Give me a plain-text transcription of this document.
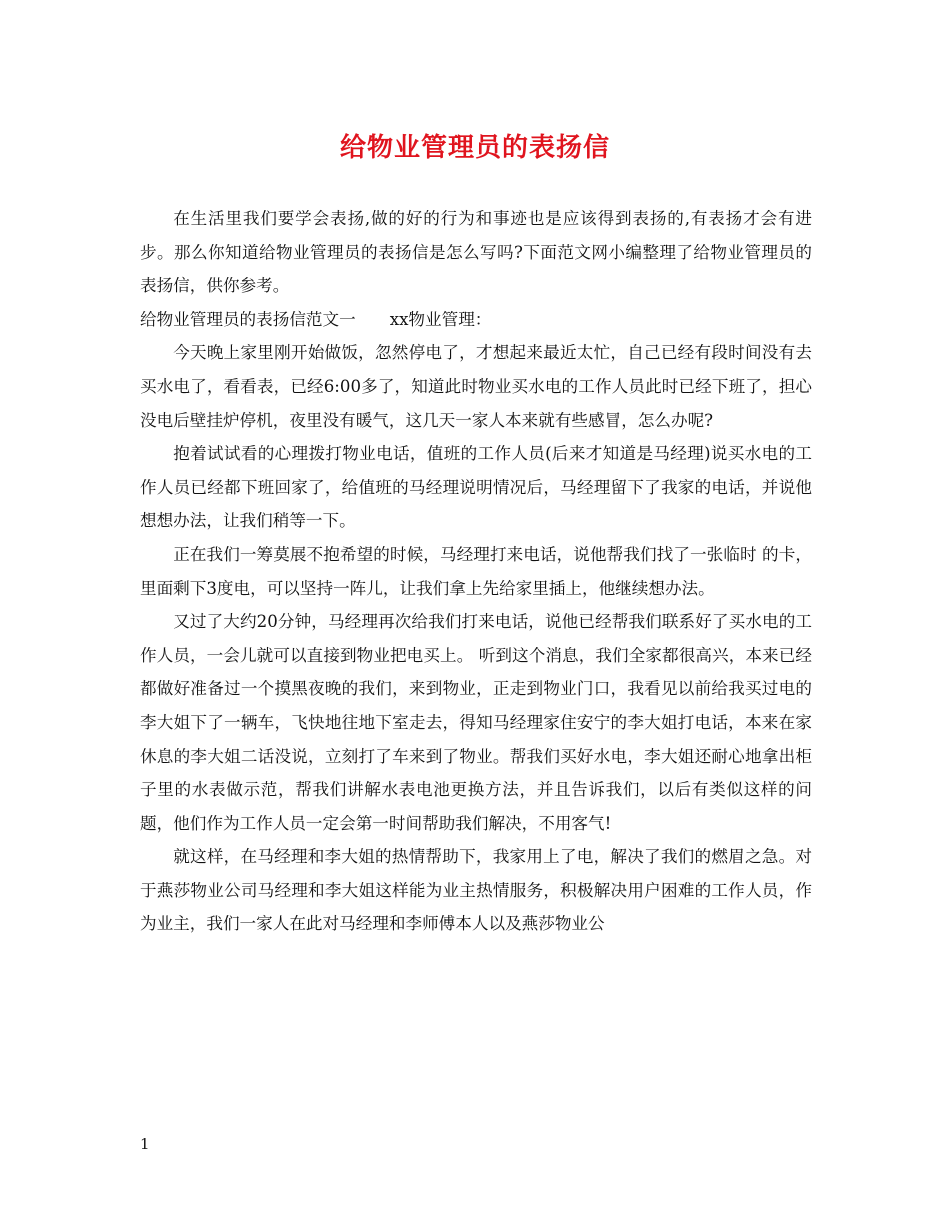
给物业管理员的表扬信

在生活里我们要学会表扬,做的好的行为和事迹也是应该得到表扬的,有表扬才会有进步。那么你知道给物业管理员的表扬信是怎么写吗?下面范文网小编整理了给物业管理员的表扬信，供你参考。

给物业管理员的表扬信范文一 xx物业管理：

今天晚上家里刚开始做饭，忽然停电了，才想起来最近太忙，自己已经有段时间没有去买水电了，看看表，已经6:00多了，知道此时物业买水电的工作人员此时已经下班了，担心没电后壁挂炉停机，夜里没有暖气，这几天一家人本来就有些感冒，怎么办呢?

抱着试试看的心理拨打物业电话，值班的工作人员(后来才知道是马经理)说买水电的工作人员已经都下班回家了，给值班的马经理说明情况后，马经理留下了我家的电话，并说他想想办法，让我们稍等一下。

正在我们一筹莫展不抱希望的时候，马经理打来电话，说他帮我们找了一张临时 的卡，里面剩下3度电，可以坚持一阵儿，让我们拿上先给家里插上，他继续想办法。

又过了大约20分钟，马经理再次给我们打来电话，说他已经帮我们联系好了买水电的工作人员，一会儿就可以直接到物业把电买上。 听到这个消息，我们全家都很高兴，本来已经都做好准备过一个摸黑夜晚的我们，来到物业，正走到物业门口，我看见以前给我买过电的李大姐下了一辆车，飞快地往地下室走去，得知马经理家住安宁的李大姐打电话，本来在家休息的李大姐二话没说，立刻打了车来到了物业。帮我们买好水电，李大姐还耐心地拿出柜子里的水表做示范，帮我们讲解水表电池更换方法，并且告诉我们，以后有类似这样的问题，他们作为工作人员一定会第一时间帮助我们解决，不用客气!

就这样，在马经理和李大姐的热情帮助下，我家用上了电，解决了我们的燃眉之急。对于燕莎物业公司马经理和李大姐这样能为业主热情服务，积极解决用户困难的工作人员，作为业主，我们一家人在此对马经理和李师傅本人以及燕莎物业公

1
